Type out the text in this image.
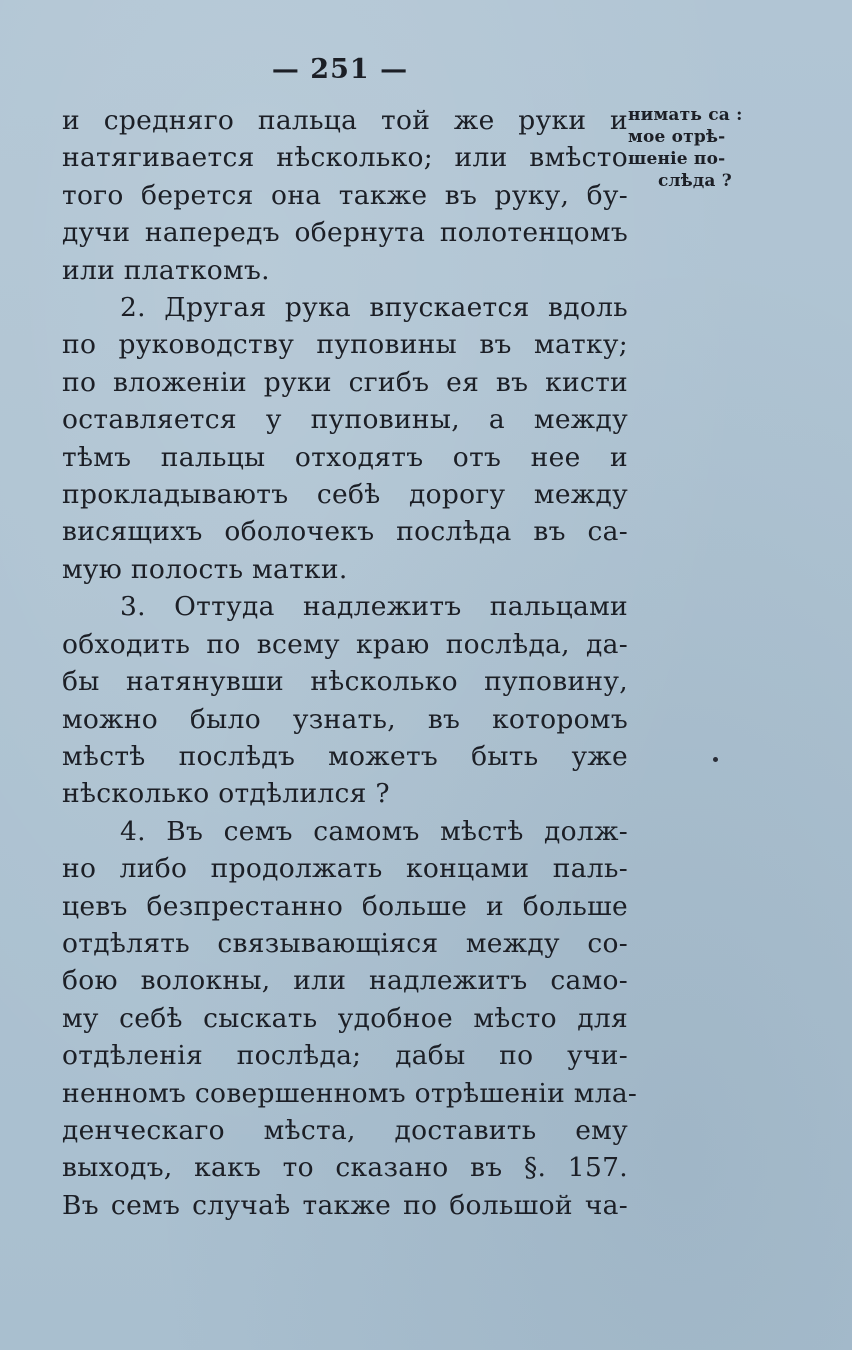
— 251 —
нимать са :
мое отрѣ-
шеніе по-
слѣда ?
и средняго пальца той же руки и
натягивается нѣсколько; или вмѣсто
того берется она также въ руку, бу-
дучи напередъ обернута полотенцомъ
или платкомъ.
2. Другая рука впускается вдоль
по руководству пуповины въ матку;
по вложеніи руки сгибъ ея въ кисти
оставляется у пуповины, а между
тѣмъ пальцы отходятъ отъ нее и
прокладываютъ себѣ дорогу между
висящихъ оболочекъ послѣда въ са-
мую полость матки.
3. Оттуда надлежитъ пальцами
обходить по всему краю послѣда, да-
бы натянувши нѣсколько пуповину,
можно было узнать, въ которомъ
мѣстѣ послѣдъ можетъ быть уже
нѣсколько отдѣлился ?
4. Въ семъ самомъ мѣстѣ долж-
но либо продолжать концами паль-
цевъ безпрестанно больше и больше
отдѣлять связывающіяся между со-
бою волокны, или надлежитъ само-
му себѣ сыскать удобное мѣсто для
отдѣленія послѣда; дабы по учи-
ненномъ совершенномъ отрѣшеніи мла-
денческаго мѣста, доставить ему
выходъ, какъ то сказано въ §. 157.
Въ семъ случаѣ также по большой ча-
